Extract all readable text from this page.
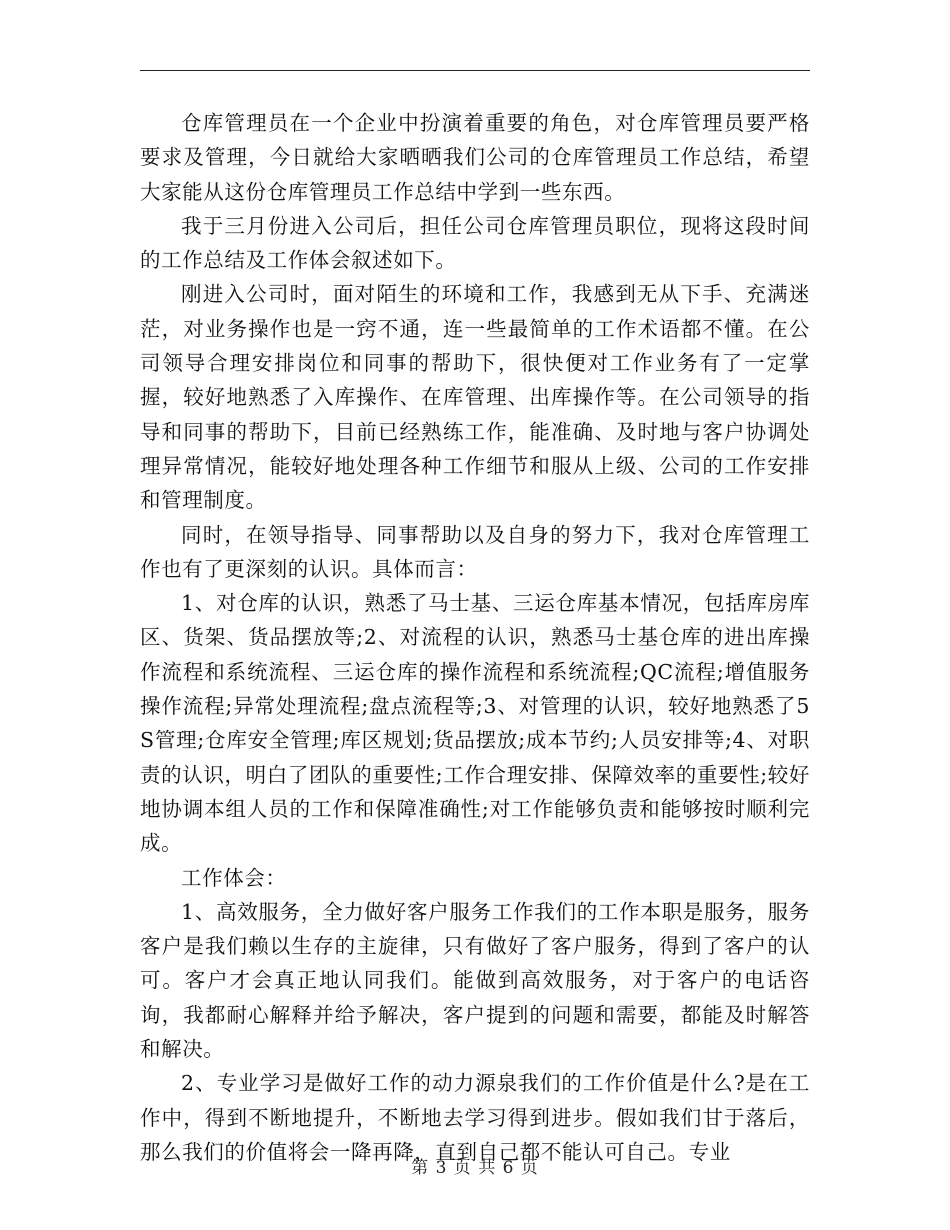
仓库管理员在一个企业中扮演着重要的角色，对仓库管理员要严格要求及管理，今日就给大家晒晒我们公司的仓库管理员工作总结，希望大家能从这份仓库管理员工作总结中学到一些东西。

我于三月份进入公司后，担任公司仓库管理员职位，现将这段时间的工作总结及工作体会叙述如下。

刚进入公司时，面对陌生的环境和工作，我感到无从下手、充满迷茫，对业务操作也是一窍不通，连一些最简单的工作术语都不懂。在公司领导合理安排岗位和同事的帮助下，很快便对工作业务有了一定掌握，较好地熟悉了入库操作、在库管理、出库操作等。在公司领导的指导和同事的帮助下，目前已经熟练工作，能准确、及时地与客户协调处理异常情况，能较好地处理各种工作细节和服从上级、公司的工作安排和管理制度。

同时，在领导指导、同事帮助以及自身的努力下，我对仓库管理工作也有了更深刻的认识。具体而言：

1、对仓库的认识，熟悉了马士基、三运仓库基本情况，包括库房库区、货架、货品摆放等;2、对流程的认识，熟悉马士基仓库的进出库操作流程和系统流程、三运仓库的操作流程和系统流程;QC流程;增值服务操作流程;异常处理流程;盘点流程等;3、对管理的认识，较好地熟悉了5S管理;仓库安全管理;库区规划;货品摆放;成本节约;人员安排等;4、对职责的认识，明白了团队的重要性;工作合理安排、保障效率的重要性;较好地协调本组人员的工作和保障准确性;对工作能够负责和能够按时顺利完成。

工作体会：

1、高效服务，全力做好客户服务工作我们的工作本职是服务，服务客户是我们赖以生存的主旋律，只有做好了客户服务，得到了客户的认可。客户才会真正地认同我们。能做到高效服务，对于客户的电话咨询，我都耐心解释并给予解决，客户提到的问题和需要，都能及时解答和解决。

2、专业学习是做好工作的动力源泉我们的工作价值是什么?是在工作中，得到不断地提升，不断地去学习得到进步。假如我们甘于落后，那么我们的价值将会一降再降，直到自己都不能认可自己。专业

第 3 页 共 6 页
